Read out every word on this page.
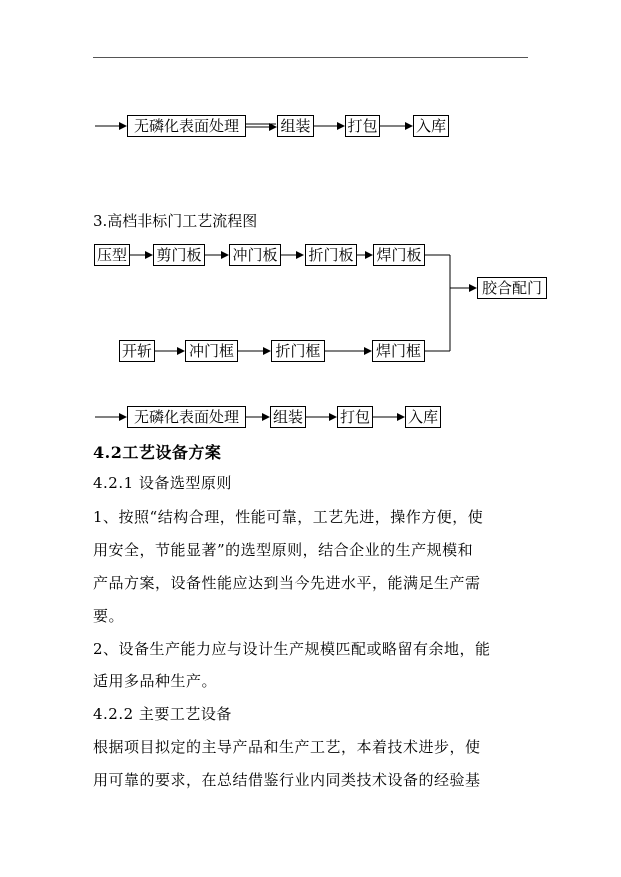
无磷化表面处理	组装 打包	入库
3.高档非标门工艺流程图
压型 剪门板 冲门板 折门板 焊门板
胶合配门
开斩 冲门框	折门框	焊门框
无磷化表面处理	组装 打包	入库
4.2工艺设备方案
4.2.1 设备选型原则
1、按照“结构合理，性能可靠，工艺先进，操作方便，使
用安全，节能显著”的选型原则，结合企业的生产规模和
产品方案，设备性能应达到当今先进水平，能满足生产需
要。
2、设备生产能力应与设计生产规模匹配或略留有余地，能
适用多品种生产。
4.2.2 主要工艺设备
根据项目拟定的主导产品和生产工艺，本着技术进步，使
用可靠的要求，在总结借鉴行业内同类技术设备的经验基
